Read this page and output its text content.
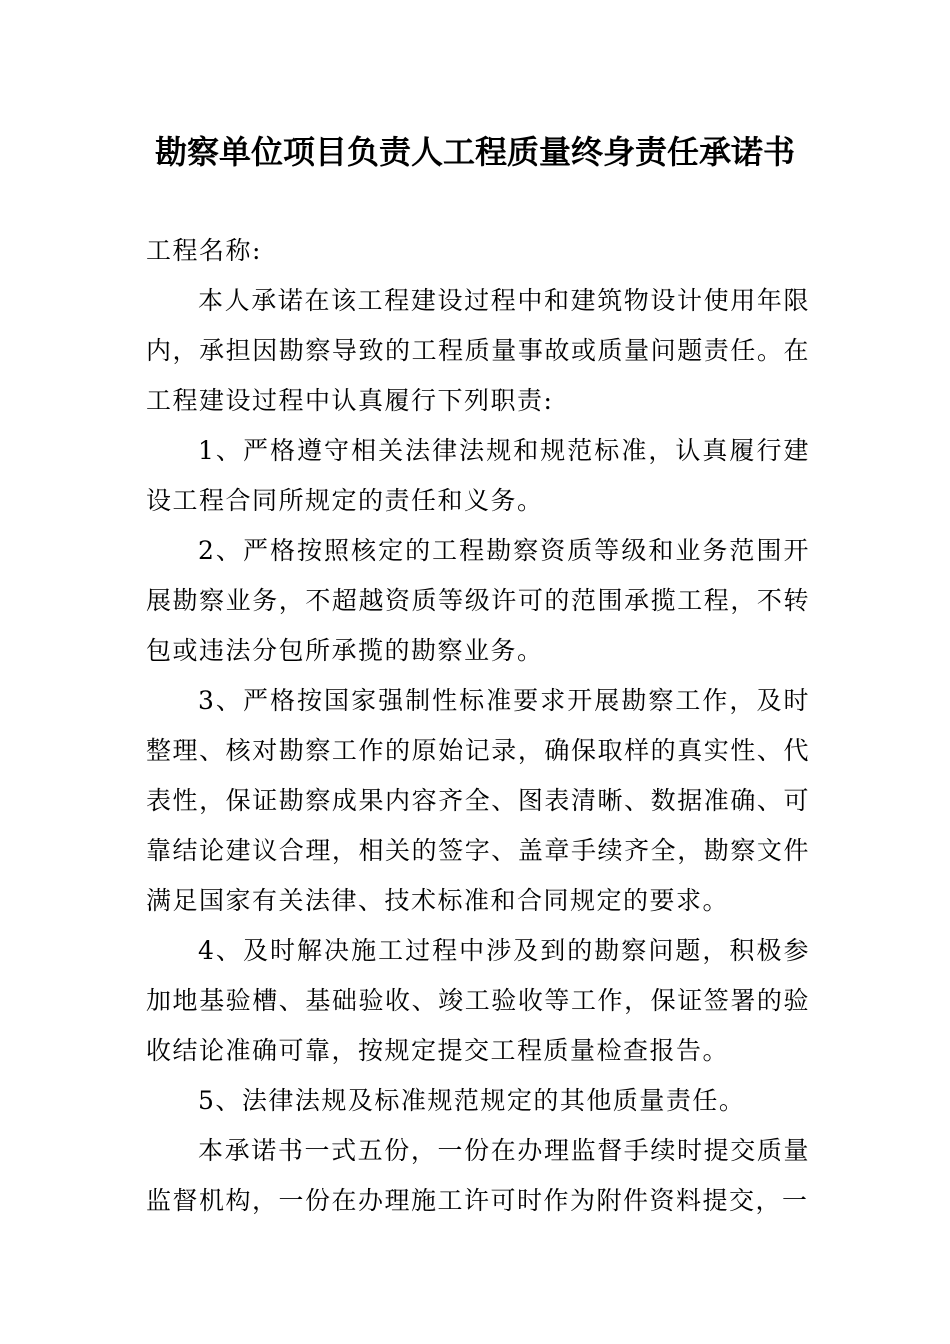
勘察单位项目负责人工程质量终身责任承诺书

工程名称:

本人承诺在该工程建设过程中和建筑物设计使用年限内，承担因勘察导致的工程质量事故或质量问题责任。在工程建设过程中认真履行下列职责:

1、严格遵守相关法律法规和规范标准，认真履行建设工程合同所规定的责任和义务。

2、严格按照核定的工程勘察资质等级和业务范围开展勘察业务，不超越资质等级许可的范围承揽工程，不转包或违法分包所承揽的勘察业务。

3、严格按国家强制性标准要求开展勘察工作，及时整理、核对勘察工作的原始记录，确保取样的真实性、代表性，保证勘察成果内容齐全、图表清晰、数据准确、可靠结论建议合理，相关的签字、盖章手续齐全，勘察文件满足国家有关法律、技术标准和合同规定的要求。

4、及时解决施工过程中涉及到的勘察问题，积极参加地基验槽、基础验收、竣工验收等工作，保证签署的验收结论准确可靠，按规定提交工程质量检查报告。

5、法律法规及标准规范规定的其他质量责任。

本承诺书一式五份，一份在办理监督手续时提交质量监督机构，一份在办理施工许可时作为附件资料提交，一
